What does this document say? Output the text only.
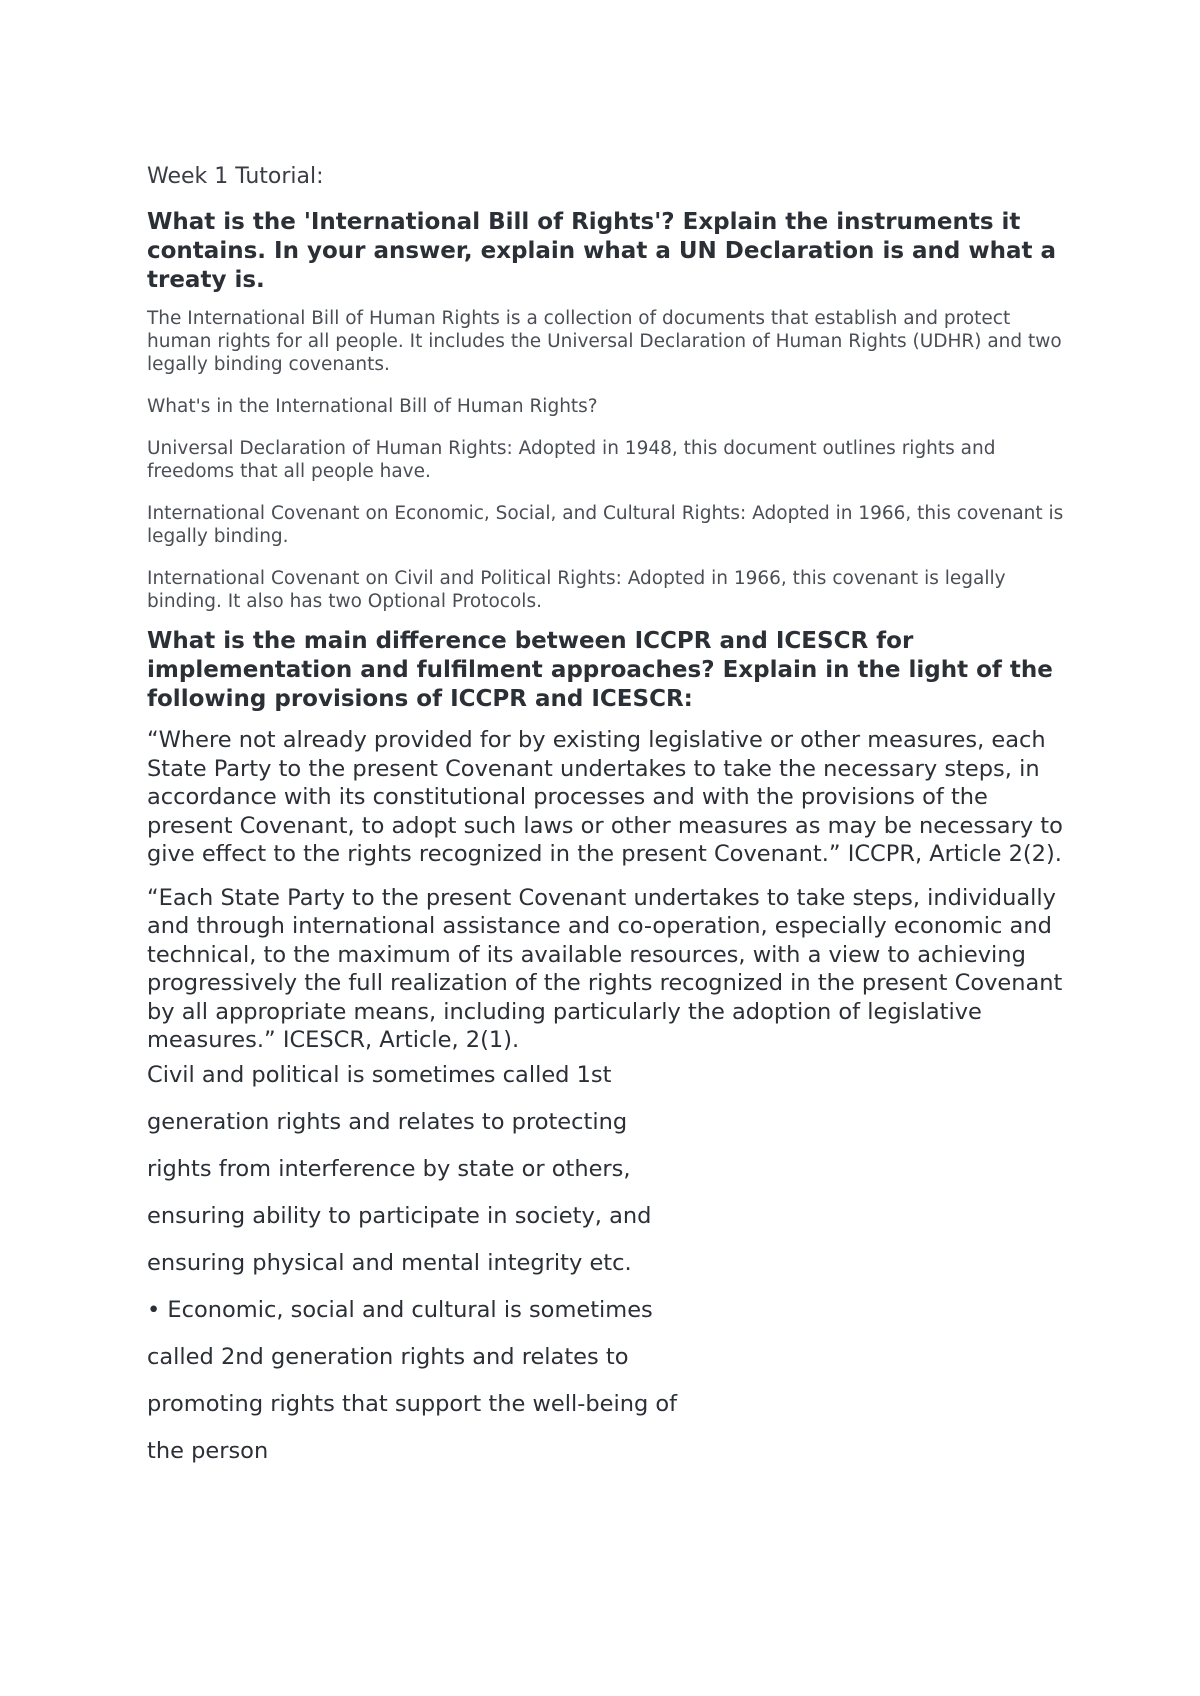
Week 1 Tutorial:

What is the 'International Bill of Rights'? Explain the instruments it contains. In your answer, explain what a UN Declaration is and what a treaty is.

The International Bill of Human Rights is a collection of documents that establish and protect human rights for all people. It includes the Universal Declaration of Human Rights (UDHR) and two legally binding covenants.

What's in the International Bill of Human Rights?

Universal Declaration of Human Rights: Adopted in 1948, this document outlines rights and freedoms that all people have.

International Covenant on Economic, Social, and Cultural Rights: Adopted in 1966, this covenant is legally binding.

International Covenant on Civil and Political Rights: Adopted in 1966, this covenant is legally binding. It also has two Optional Protocols.

What is the main difference between ICCPR and ICESCR for implementation and fulfilment approaches? Explain in the light of the following provisions of ICCPR and ICESCR:

“Where not already provided for by existing legislative or other measures, each State Party to the present Covenant undertakes to take the necessary steps, in accordance with its constitutional processes and with the provisions of the present Covenant, to adopt such laws or other measures as may be necessary to give effect to the rights recognized in the present Covenant.” ICCPR, Article 2(2).

“Each State Party to the present Covenant undertakes to take steps, individually and through international assistance and co-operation, especially economic and technical, to the maximum of its available resources, with a view to achieving progressively the full realization of the rights recognized in the present Covenant by all appropriate means, including particularly the adoption of legislative measures.” ICESCR, Article, 2(1).

Civil and political is sometimes called 1st
generation rights and relates to protecting
rights from interference by state or others,
ensuring ability to participate in society, and
ensuring physical and mental integrity etc.
• Economic, social and cultural is sometimes
called 2nd generation rights and relates to
promoting rights that support the well-being of
the person
